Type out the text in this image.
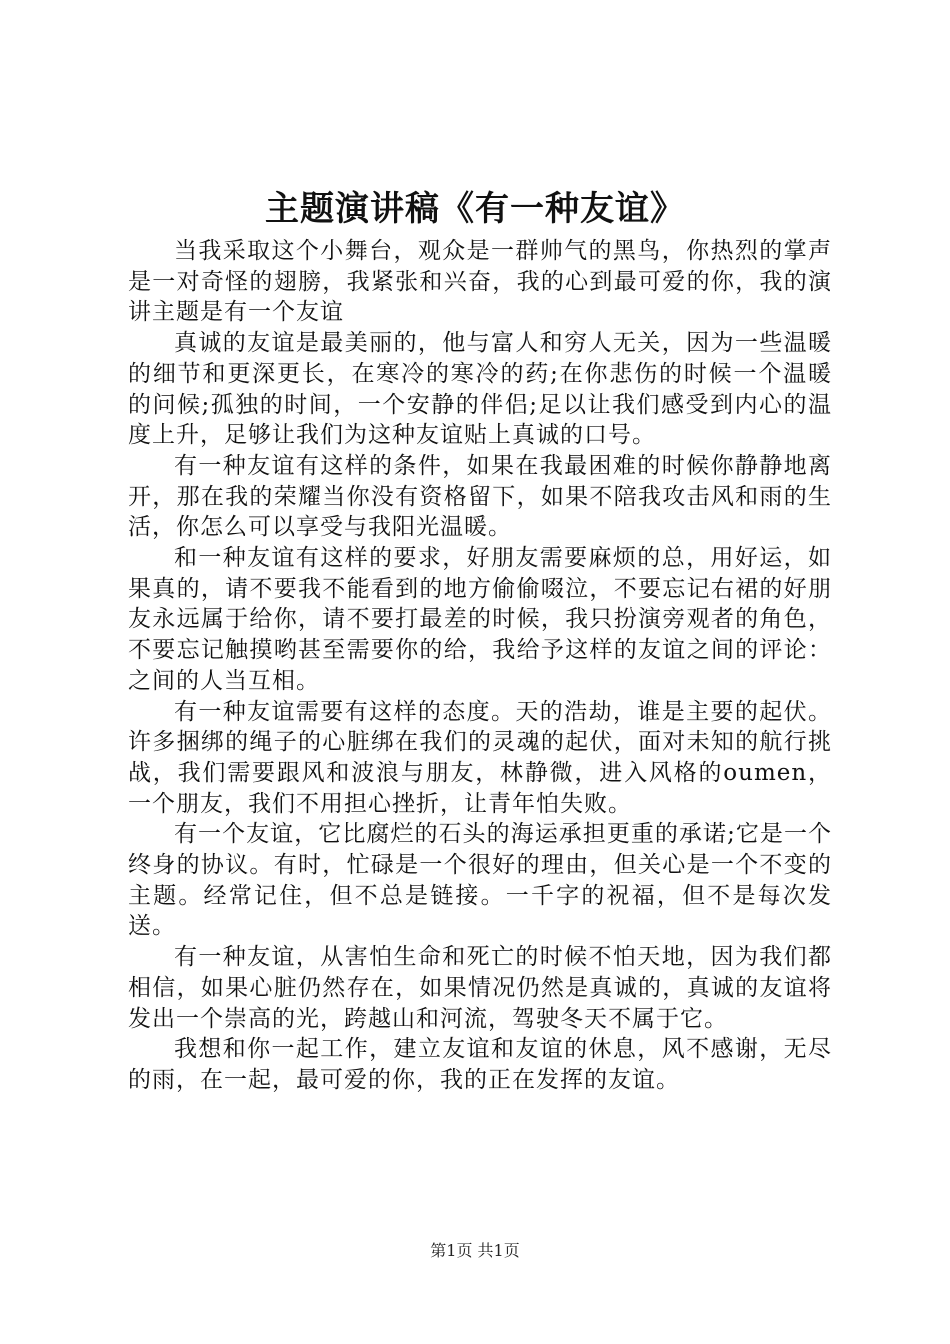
主题演讲稿《有一种友谊》

当我采取这个小舞台，观众是一群帅气的黑鸟，你热烈的掌声是一对奇怪的翅膀，我紧张和兴奋，我的心到最可爱的你，我的演讲主题是有一个友谊

真诚的友谊是最美丽的，他与富人和穷人无关，因为一些温暖的细节和更深更长，在寒冷的寒冷的药;在你悲伤的时候一个温暖的问候;孤独的时间，一个安静的伴侣;足以让我们感受到内心的温度上升，足够让我们为这种友谊贴上真诚的口号。

有一种友谊有这样的条件，如果在我最困难的时候你静静地离开，那在我的荣耀当你没有资格留下，如果不陪我攻击风和雨的生活，你怎么可以享受与我阳光温暖。

和一种友谊有这样的要求，好朋友需要麻烦的总，用好运，如果真的，请不要我不能看到的地方偷偷啜泣，不要忘记右裙的好朋友永远属于给你，请不要打最差的时候，我只扮演旁观者的角色，不要忘记触摸哟甚至需要你的给，我给予这样的友谊之间的评论：之间的人当互相。

有一种友谊需要有这样的态度。天的浩劫，谁是主要的起伏。许多捆绑的绳子的心脏绑在我们的灵魂的起伏，面对未知的航行挑战，我们需要跟风和波浪与朋友，林静微，进入风格的oumen，一个朋友，我们不用担心挫折，让青年怕失败。

有一个友谊，它比腐烂的石头的海运承担更重的承诺;它是一个终身的协议。有时，忙碌是一个很好的理由，但关心是一个不变的主题。经常记住，但不总是链接。一千字的祝福，但不是每次发送。

有一种友谊，从害怕生命和死亡的时候不怕天地，因为我们都相信，如果心脏仍然存在，如果情况仍然是真诚的，真诚的友谊将发出一个崇高的光，跨越山和河流，驾驶冬天不属于它。

我想和你一起工作，建立友谊和友谊的休息，风不感谢，无尽的雨，在一起，最可爱的你，我的正在发挥的友谊。

第1页 共1页
